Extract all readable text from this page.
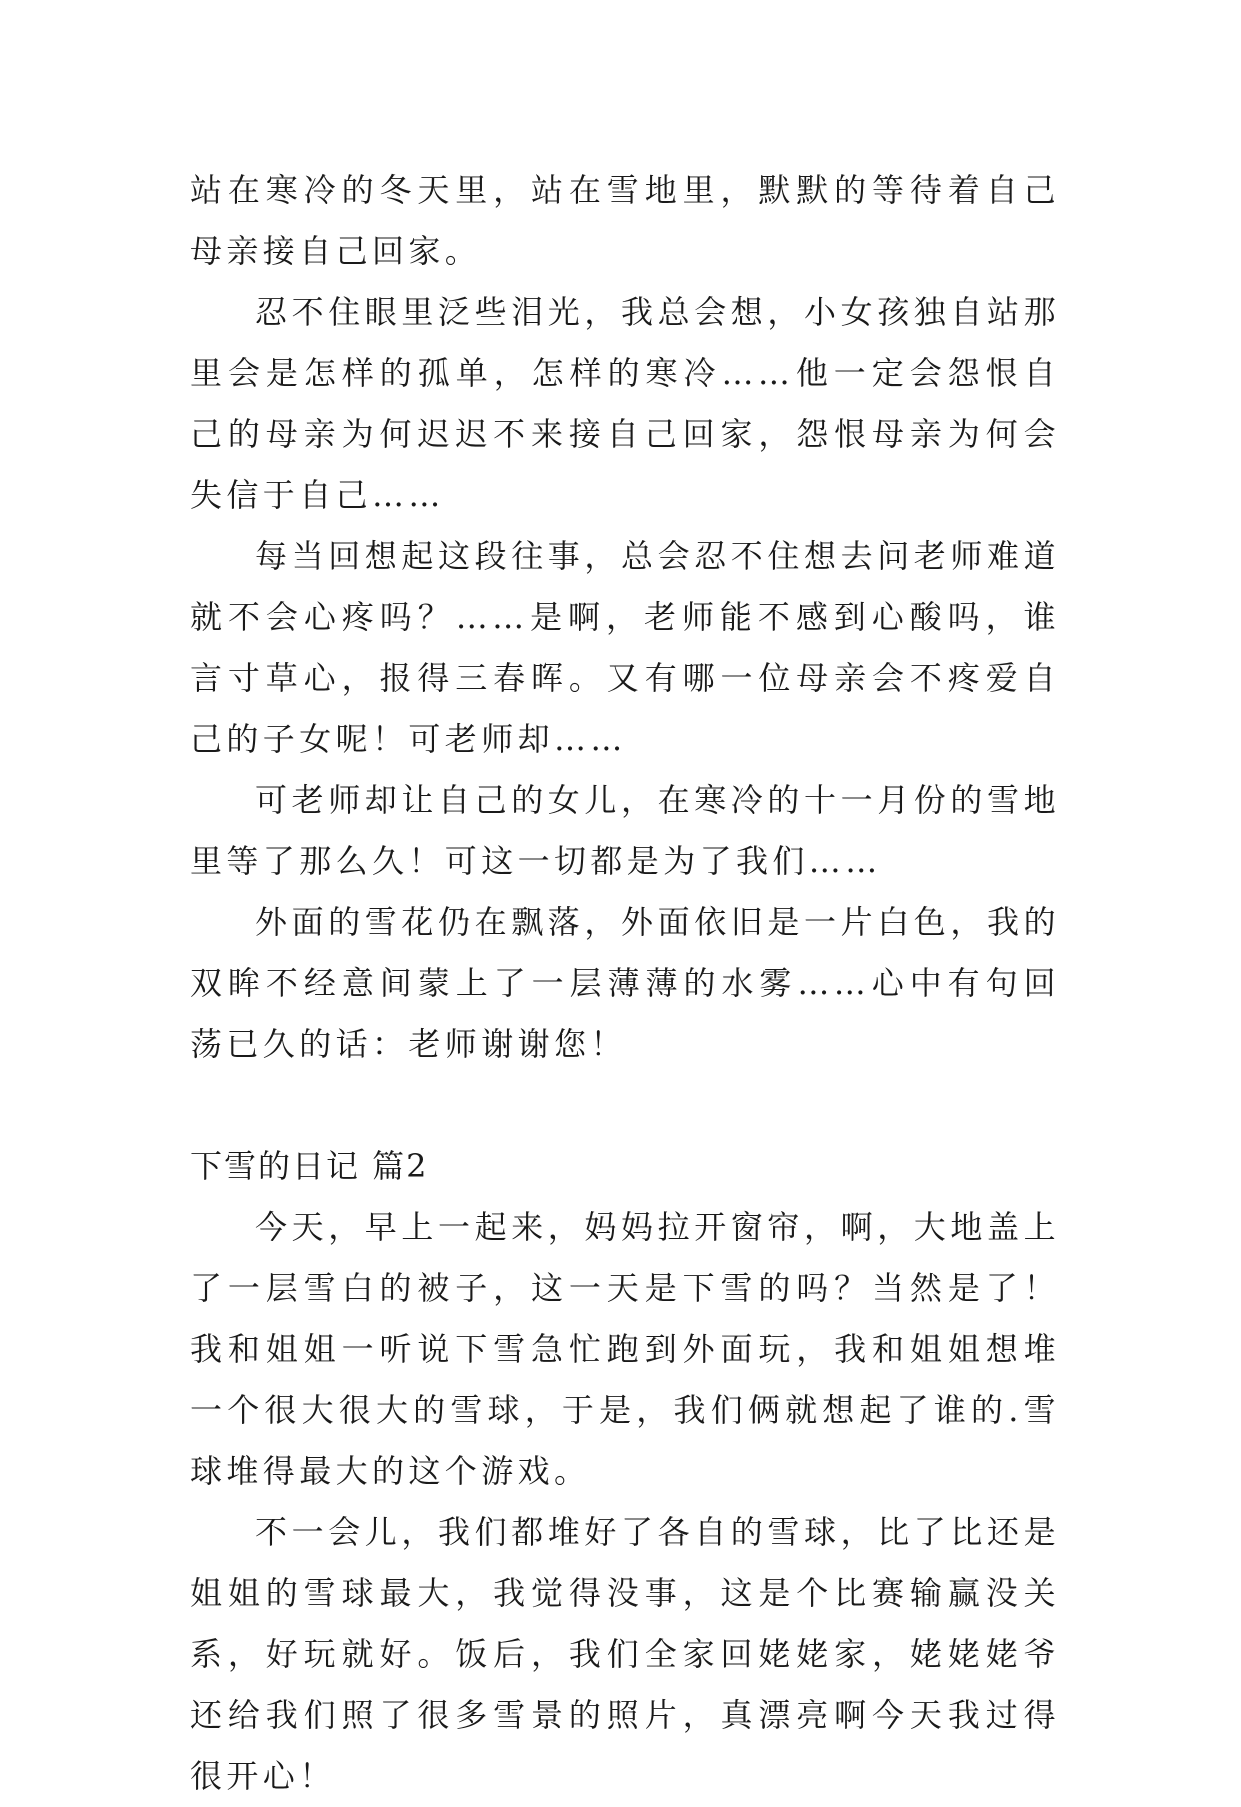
站在寒冷的冬天里，站在雪地里，默默的等待着自己母亲接自己回家。

忍不住眼里泛些泪光，我总会想，小女孩独自站那里会是怎样的孤单，怎样的寒冷……他一定会怨恨自己的母亲为何迟迟不来接自己回家，怨恨母亲为何会失信于自己……

每当回想起这段往事，总会忍不住想去问老师难道就不会心疼吗？……是啊，老师能不感到心酸吗，谁言寸草心，报得三春晖。又有哪一位母亲会不疼爱自己的子女呢！可老师却……

可老师却让自己的女儿，在寒冷的十一月份的雪地里等了那么久！可这一切都是为了我们……

外面的雪花仍在飘落，外面依旧是一片白色，我的双眸不经意间蒙上了一层薄薄的水雾……心中有句回荡已久的话：老师谢谢您！

下雪的日记 篇2

今天，早上一起来，妈妈拉开窗帘，啊，大地盖上了一层雪白的被子，这一天是下雪的吗？当然是了！我和姐姐一听说下雪急忙跑到外面玩，我和姐姐想堆一个很大很大的雪球，于是，我们俩就想起了谁的.雪球堆得最大的这个游戏。

不一会儿，我们都堆好了各自的雪球，比了比还是姐姐的雪球最大，我觉得没事，这是个比赛输赢没关系，好玩就好。饭后，我们全家回姥姥家，姥姥姥爷还给我们照了很多雪景的照片，真漂亮啊今天我过得很开心！
